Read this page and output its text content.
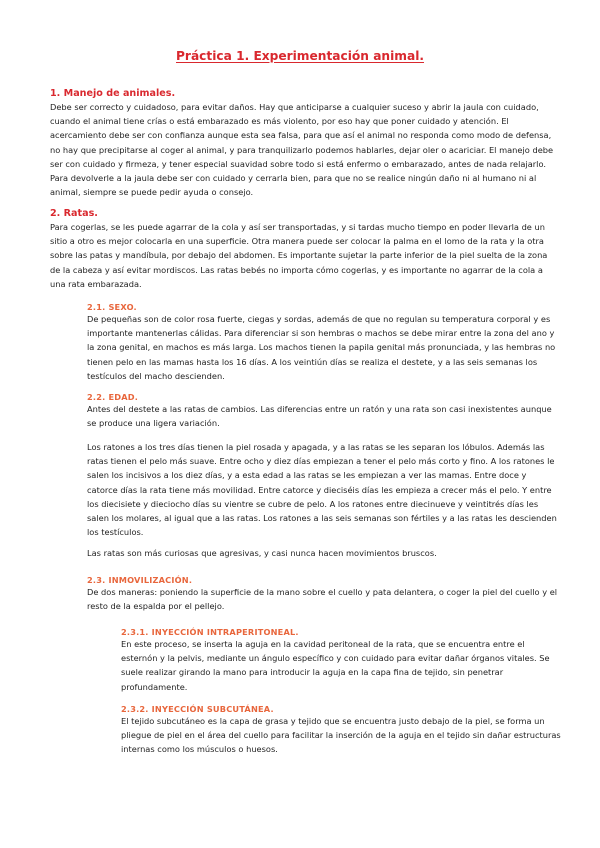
Práctica 1. Experimentación animal.
1. Manejo de animales.
Debe ser correcto y cuidadoso, para evitar daños. Hay que anticiparse a cualquier suceso y abrir la jaula con cuidado, cuando el animal tiene crías o está embarazado es más violento, por eso hay que poner cuidado y atención. El acercamiento debe ser con confianza aunque esta sea falsa, para que así el animal no responda como modo de defensa, no hay que precipitarse al coger al animal, y para tranquilizarlo podemos hablarles, dejar oler o acariciar. El manejo debe ser con cuidado y firmeza, y tener especial suavidad sobre todo si está enfermo o embarazado, antes de nada relajarlo. Para devolverle a la jaula debe ser con cuidado y cerrarla bien, para que no se realice ningún daño ni al humano ni al animal, siempre se puede pedir ayuda o consejo.
2. Ratas.
Para cogerlas, se les puede agarrar de la cola y así ser transportadas, y si tardas mucho tiempo en poder llevarla de un sitio a otro es mejor colocarla en una superficie. Otra manera puede ser colocar la palma en el lomo de la rata y la otra sobre las patas y mandíbula, por debajo del abdomen. Es importante sujetar la parte inferior de la piel suelta de la zona de la cabeza y así evitar mordiscos. Las ratas bebés no importa cómo cogerlas, y es importante no agarrar de la cola a una rata embarazada.
2.1. SEXO.
De pequeñas son de color rosa fuerte, ciegas y sordas, además de que no regulan su temperatura corporal y es importante mantenerlas cálidas. Para diferenciar si son hembras o machos se debe mirar entre la zona del ano y la zona genital, en machos es más larga. Los machos tienen la papila genital más pronunciada, y las hembras no tienen pelo en las mamas hasta los 16 días. A los veintiún días se realiza el destete, y a las seis semanas los testículos del macho descienden.
2.2. EDAD.
Antes del destete a las ratas de cambios. Las diferencias entre un ratón y una rata son casi inexistentes aunque se produce una ligera variación.
Los ratones a los tres días tienen la piel rosada y apagada, y a las ratas se les separan los lóbulos. Además las ratas tienen el pelo más suave. Entre ocho y diez días empiezan a tener el pelo más corto y fino. A los ratones le salen los incisivos a los diez días, y a esta edad a las ratas se les empiezan a ver las mamas. Entre doce y catorce días la rata tiene más movilidad. Entre catorce y dieciséis días les empieza a crecer más el pelo. Y entre los diecisiete y dieciocho días su vientre se cubre de pelo. A los ratones entre diecinueve y veintitrés días les salen los molares, al igual que a las ratas. Los ratones a las seis semanas son fértiles y a las ratas les descienden los testículos.
Las ratas son más curiosas que agresivas, y casi nunca hacen movimientos bruscos.
2.3. INMOVILIZACIÓN.
De dos maneras: poniendo la superficie de la mano sobre el cuello y pata delantera, o coger la piel del cuello y el resto de la espalda por el pellejo.
2.3.1. INYECCIÓN INTRAPERITONEAL.
En este proceso, se inserta la aguja en la cavidad peritoneal de la rata, que se encuentra entre el esternón y la pelvis, mediante un ángulo específico y con cuidado para evitar dañar órganos vitales. Se suele realizar girando la mano para introducir la aguja en la capa fina de tejido, sin penetrar profundamente.
2.3.2. INYECCIÓN SUBCUTÁNEA.
El tejido subcutáneo es la capa de grasa y tejido que se encuentra justo debajo de la piel, se forma un pliegue de piel en el área del cuello para facilitar la inserción de la aguja en el tejido sin dañar estructuras internas como los músculos o huesos.
